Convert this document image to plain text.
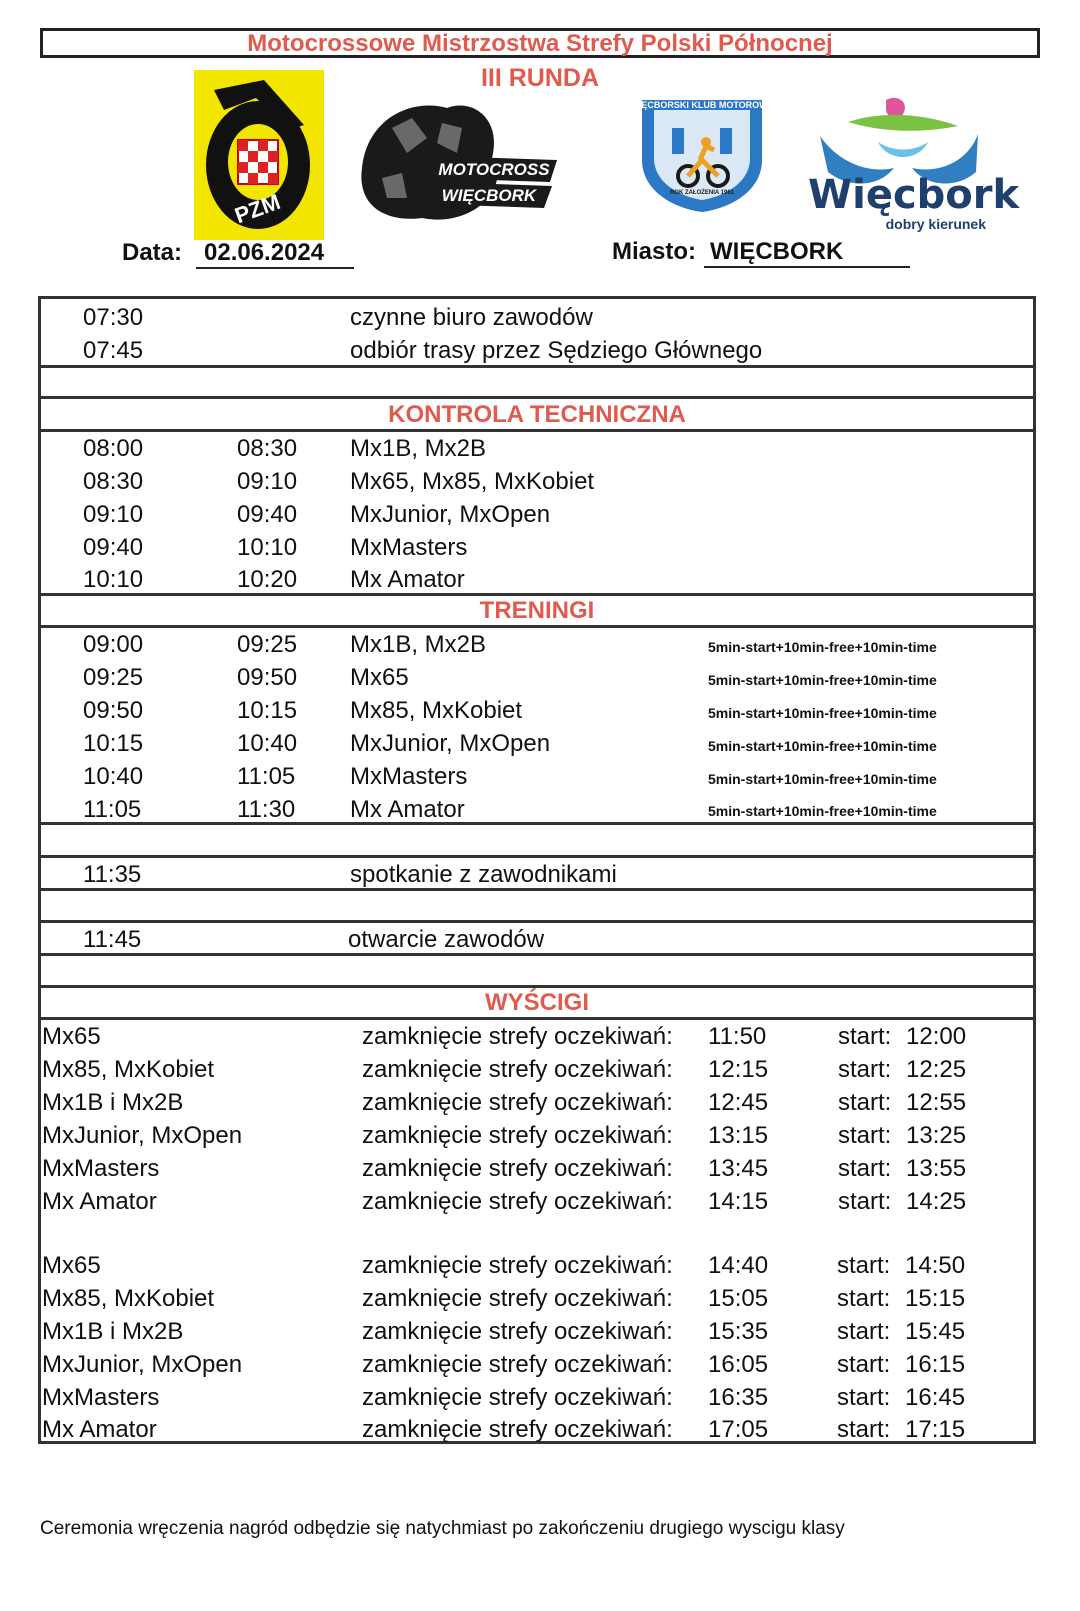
Motocrossowe Mistrzostwa Strefy Polski Północnej
III RUNDA
PZM
MOTOCROSS
WIĘCBORK
WIĘCBORSKI KLUB MOTOROWY
ROK ZAŁOŻENIA 1961 Więcbork
dobry kierunek
Data: 02.06.2024	Miasto: WIĘCBORK
07:30	czynne biuro zawodów
07:45	odbiór trasy przez Sędziego Głównego
KONTROLA TECHNICZNA
08:00	08:30 Mx1B, Mx2B
08:30	09:10 Mx65, Mx85, MxKobiet
09:10	09:40 MxJunior, MxOpen
09:40	10:10 MxMasters
10:10	10:20 Mx Amator
TRENINGI
09:00	09:25 Mx1B, Mx2B	5min-start+10min-free+10min-time
09:25	09:50 Mx65	5min-start+10min-free+10min-time
09:50	10:15 Mx85, MxKobiet	5min-start+10min-free+10min-time
10:15	10:40 MxJunior, MxOpen	5min-start+10min-free+10min-time
10:40	11:05 MxMasters	5min-start+10min-free+10min-time
11:05	11:30 Mx Amator	5min-start+10min-free+10min-time
11:35	spotkanie z zawodnikami
11:45	otwarcie zawodów
WYŚCIGI
Mx65	zamknięcie strefy oczekiwań: 11:50	start: 12:00
Mx85, MxKobiet	zamknięcie strefy oczekiwań: 12:15	start: 12:25
Mx1B i Mx2B	zamknięcie strefy oczekiwań: 12:45	start: 12:55
MxJunior, MxOpen	zamknięcie strefy oczekiwań: 13:15	start: 13:25
MxMasters	zamknięcie strefy oczekiwań: 13:45	start: 13:55
Mx Amator	zamknięcie strefy oczekiwań: 14:15	start: 14:25
Mx65	zamknięcie strefy oczekiwań: 14:40	start: 14:50
Mx85, MxKobiet	zamknięcie strefy oczekiwań: 15:05	start: 15:15
Mx1B i Mx2B	zamknięcie strefy oczekiwań: 15:35	start: 15:45
MxJunior, MxOpen	zamknięcie strefy oczekiwań: 16:05	start: 16:15
MxMasters	zamknięcie strefy oczekiwań: 16:35	start: 16:45
Mx Amator	zamknięcie strefy oczekiwań: 17:05	start: 17:15
Ceremonia wręczenia nagród odbędzie się natychmiast po zakończeniu drugiego wyscigu klasy
